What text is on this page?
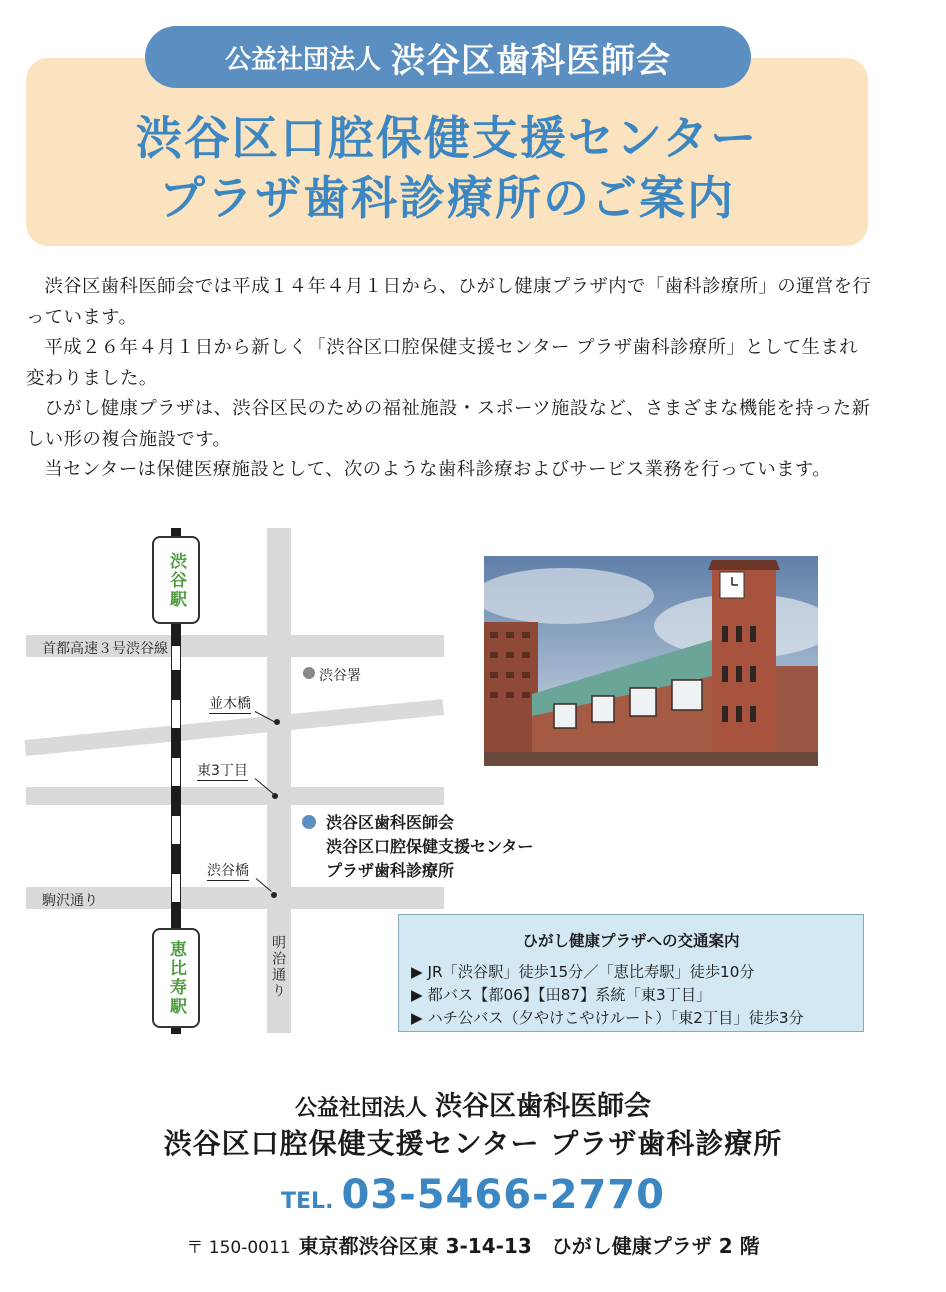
公益社団法人 渋谷区歯科医師会
渋谷区口腔保健支援センター
プラザ歯科診療所のご案内

渋谷区歯科医師会では平成１４年４月１日から、ひがし健康プラザ内で「歯科診療所」の運営を行っています。

平成２６年４月１日から新しく「渋谷区口腔保健支援センター プラザ歯科診療所」として生まれ変わりました。

ひがし健康プラザは、渋谷区民のための福祉施設・スポーツ施設など、さまざまな機能を持った新しい形の複合施設です。

当センターは保健医療施設として、次のような歯科診療およびサービス業務を行っています。

渋谷駅
恵比寿駅
首都高速３号渋谷線
渋谷署
並木橋
東3丁目
渋谷橋
駒沢通り
明治通り
渋谷区歯科医師会
渋谷区口腔保健支援センター
プラザ歯科診療所
ひがし健康プラザへの交通案内
▶ JR「渋谷駅」徒歩15分／「恵比寿駅」徒歩10分
▶ 都バス【都06】【田87】系統「東3丁目」
▶ ハチ公バス（夕やけこやけルート）「東2丁目」徒歩3分
公益社団法人 渋谷区歯科医師会
渋谷区口腔保健支援センター プラザ歯科診療所
TEL. 03-5466-2770
〒 150-0011 東京都渋谷区東 3-14-13　ひがし健康プラザ 2 階
